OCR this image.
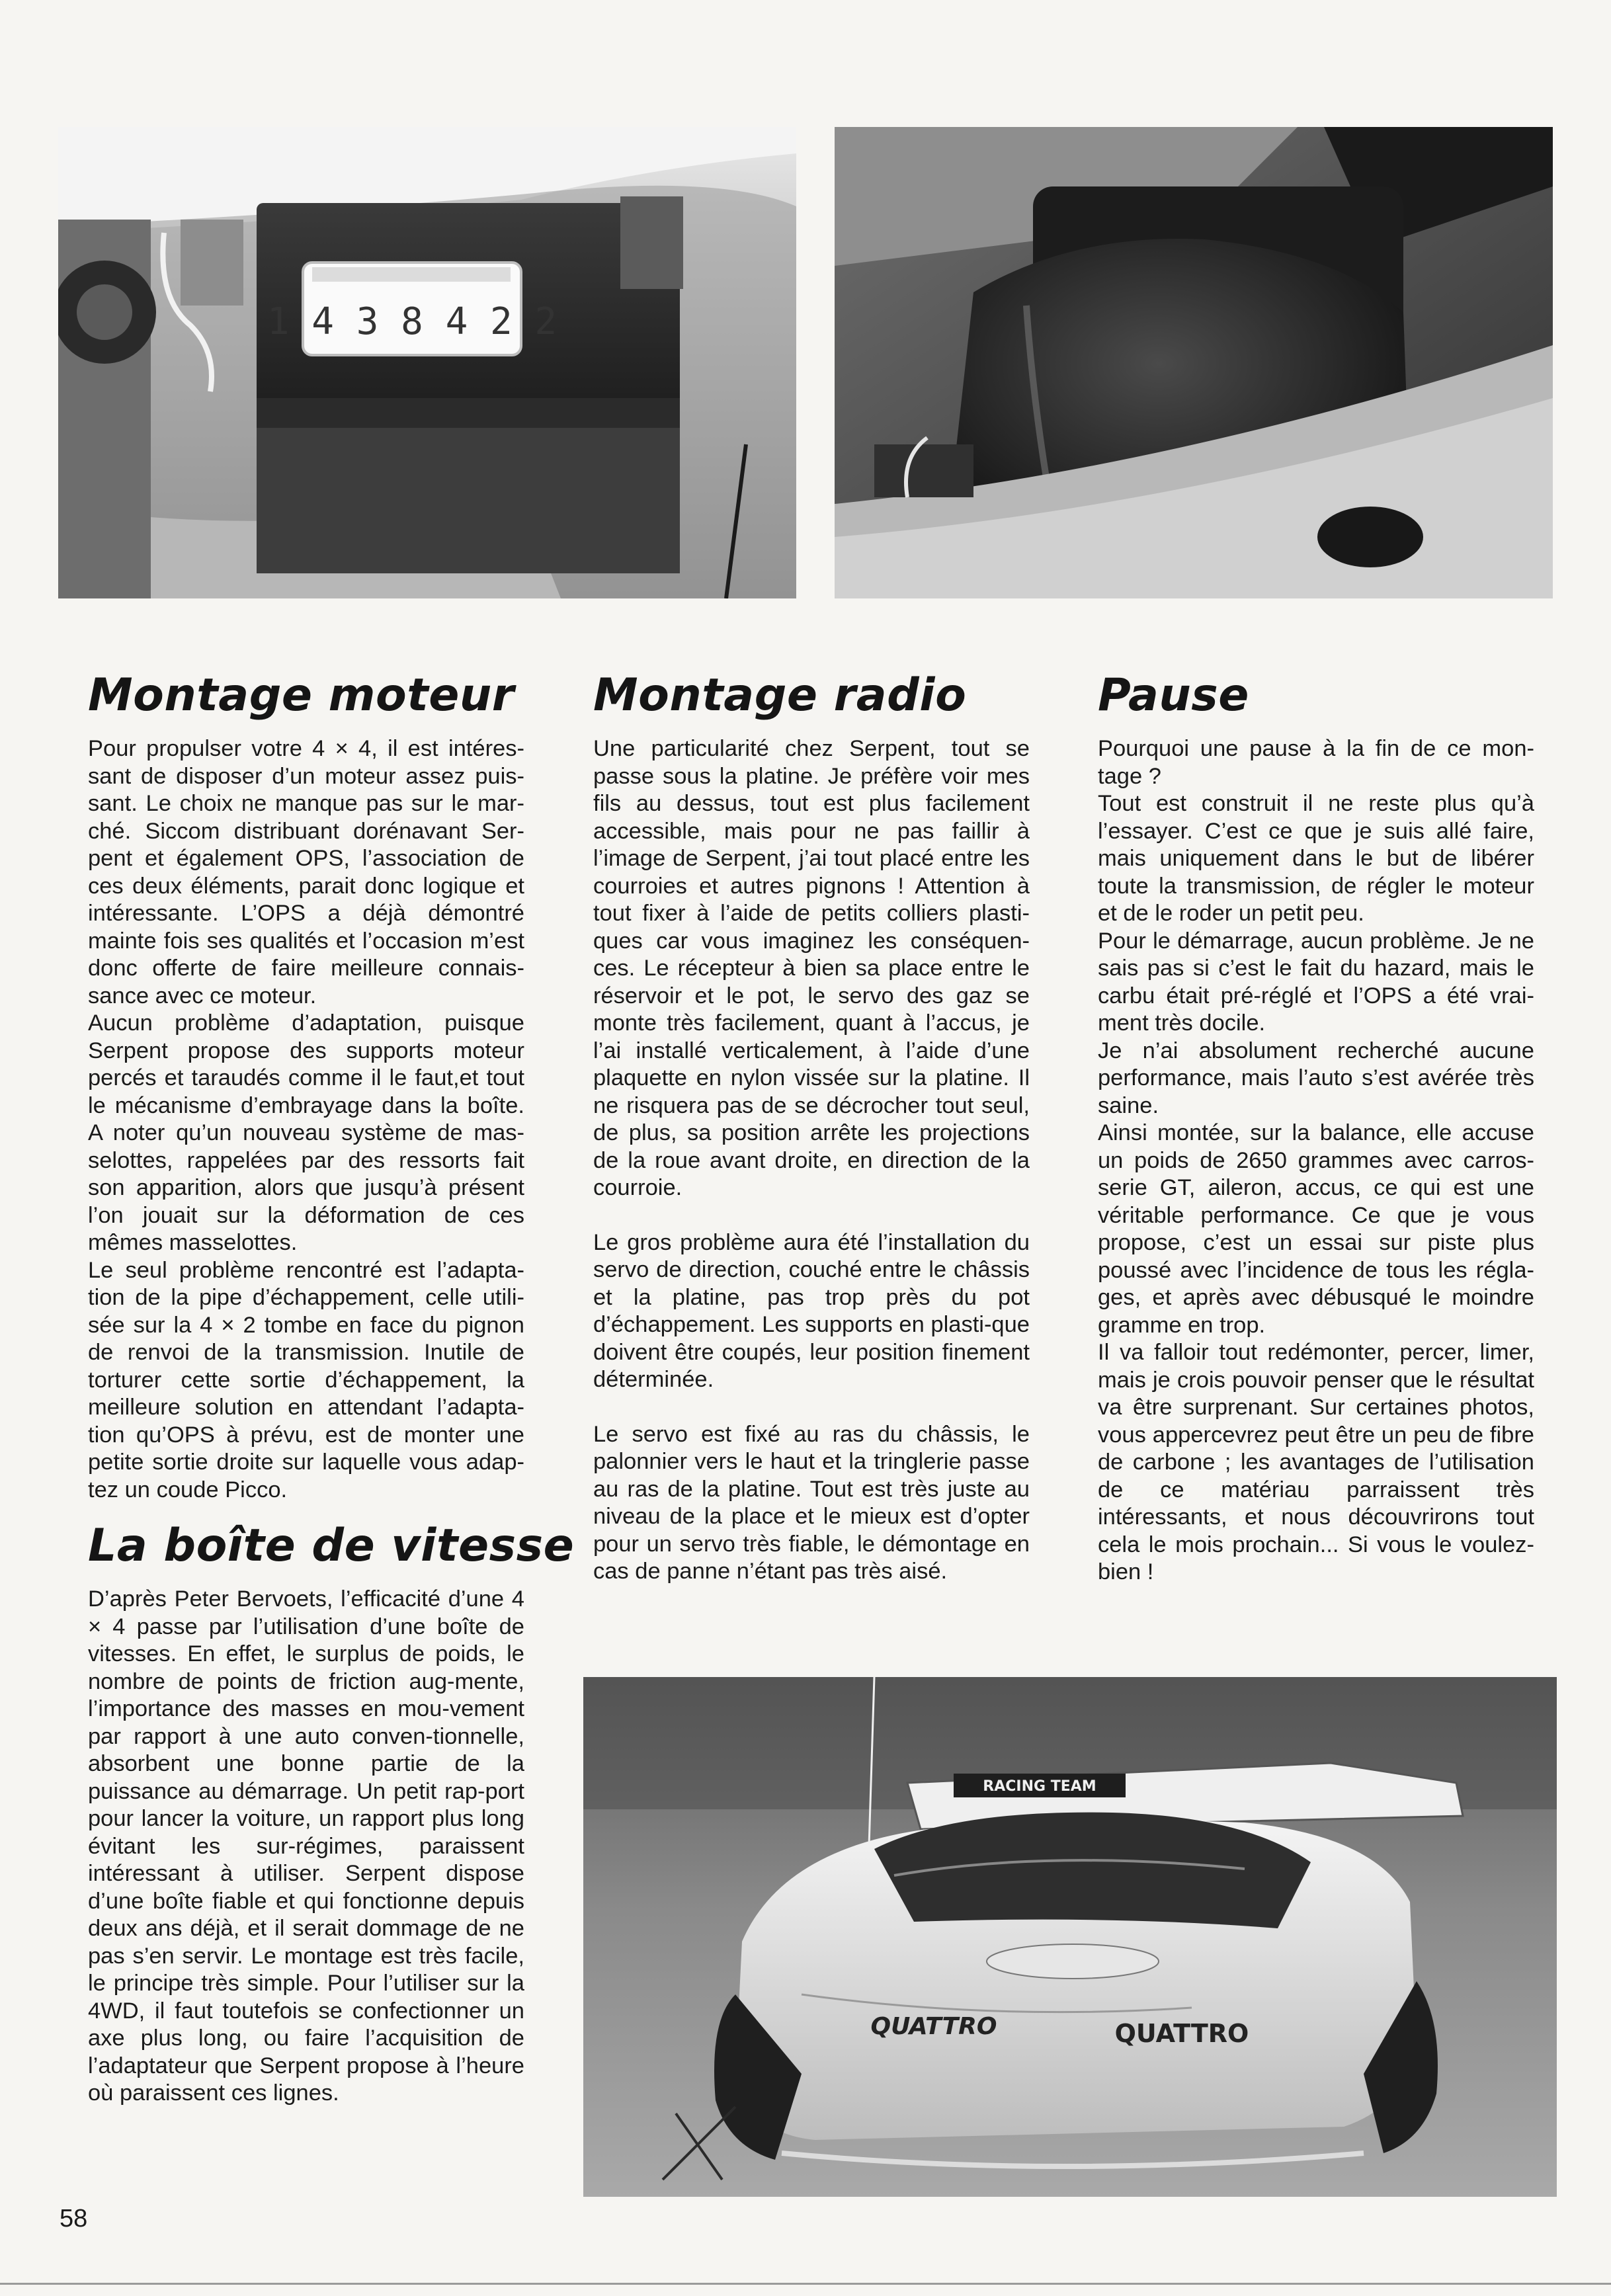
1 4 3 8 4 2 2
Montage moteur

Pour propulser votre 4 × 4, il est intéres-sant de disposer d’un moteur assez puis-sant. Le choix ne manque pas sur le mar-ché. Siccom distribuant dorénavant Ser-pent et également OPS, l’association de ces deux éléments, parait donc logique et intéressante. L’OPS a déjà démontré mainte fois ses qualités et l’occasion m’est donc offerte de faire meilleure connais-sance avec ce moteur.

Aucun problème d’adaptation, puisque Serpent propose des supports moteur percés et taraudés comme il le faut,et tout le mécanisme d’embrayage dans la boîte. A noter qu’un nouveau système de mas-selottes, rappelées par des ressorts fait son apparition, alors que jusqu’à présent l’on jouait sur la déformation de ces mêmes masselottes.

Le seul problème rencontré est l’adapta-tion de la pipe d’échappement, celle utili-sée sur la 4 × 2 tombe en face du pignon de renvoi de la transmission. Inutile de torturer cette sortie d’échappement, la meilleure solution en attendant l’adapta-tion qu’OPS à prévu, est de monter une petite sortie droite sur laquelle vous adap-tez un coude Picco.

La boîte de vitesse

D’après Peter Bervoets, l’efficacité d’une 4 × 4 passe par l’utilisation d’une boîte de vitesses. En effet, le surplus de poids, le nombre de points de friction aug-mente, l’importance des masses en mou-vement par rapport à une auto conven-tionnelle, absorbent une bonne partie de la puissance au démarrage. Un petit rap-port pour lancer la voiture, un rapport plus long évitant les sur-régimes, paraissent intéressant à utiliser. Serpent dispose d’une boîte fiable et qui fonctionne depuis deux ans déjà, et il serait dommage de ne pas s’en servir. Le montage est très facile, le principe très simple. Pour l’utiliser sur la 4WD, il faut toutefois se confectionner un axe plus long, ou faire l’acquisition de l’adaptateur que Serpent propose à l’heure où paraissent ces lignes.

Montage radio

Une particularité chez Serpent, tout se passe sous la platine. Je préfère voir mes fils au dessus, tout est plus facilement accessible, mais pour ne pas faillir à l’image de Serpent, j’ai tout placé entre les courroies et autres pignons ! Attention à tout fixer à l’aide de petits colliers plasti-ques car vous imaginez les conséquen-ces. Le récepteur à bien sa place entre le réservoir et le pot, le servo des gaz se monte très facilement, quant à l’accus, je l’ai installé verticalement, à l’aide d’une plaquette en nylon vissée sur la platine. Il ne risquera pas de se décrocher tout seul, de plus, sa position arrête les projections de la roue avant droite, en direction de la courroie.

Le gros problème aura été l’installation du servo de direction, couché entre le châssis et la platine, pas trop près du pot d’échappement. Les supports en plasti-que doivent être coupés, leur position finement déterminée.

Le servo est fixé au ras du châssis, le palonnier vers le haut et la tringlerie passe au ras de la platine. Tout est très juste au niveau de la place et le mieux est d’opter pour un servo très fiable, le démontage en cas de panne n’étant pas très aisé.

Pause

Pourquoi une pause à la fin de ce mon-tage ?

Tout est construit il ne reste plus qu’à l’essayer. C’est ce que je suis allé faire, mais uniquement dans le but de libérer toute la transmission, de régler le moteur et de le roder un petit peu.

Pour le démarrage, aucun problème. Je ne sais pas si c’est le fait du hazard, mais le carbu était pré-réglé et l’OPS a été vrai-ment très docile.

Je n’ai absolument recherché aucune performance, mais l’auto s’est avérée très saine.

Ainsi montée, sur la balance, elle accuse un poids de 2650 grammes avec carros-serie GT, aileron, accus, ce qui est une véritable performance. Ce que je vous propose, c’est un essai sur piste plus poussé avec l’incidence de tous les régla-ges, et après avec débusqué le moindre gramme en trop.

Il va falloir tout redémonter, percer, limer, mais je crois pouvoir penser que le résultat va être surprenant. Sur certaines photos, vous appercevrez peut être un peu de fibre de carbone ; les avantages de l’utilisation de ce matériau parraissent très intéressants, et nous découvrirons tout cela le mois prochain... Si vous le voulez-bien !

RACING TEAM
QUATTRO	QUATTRO
58
